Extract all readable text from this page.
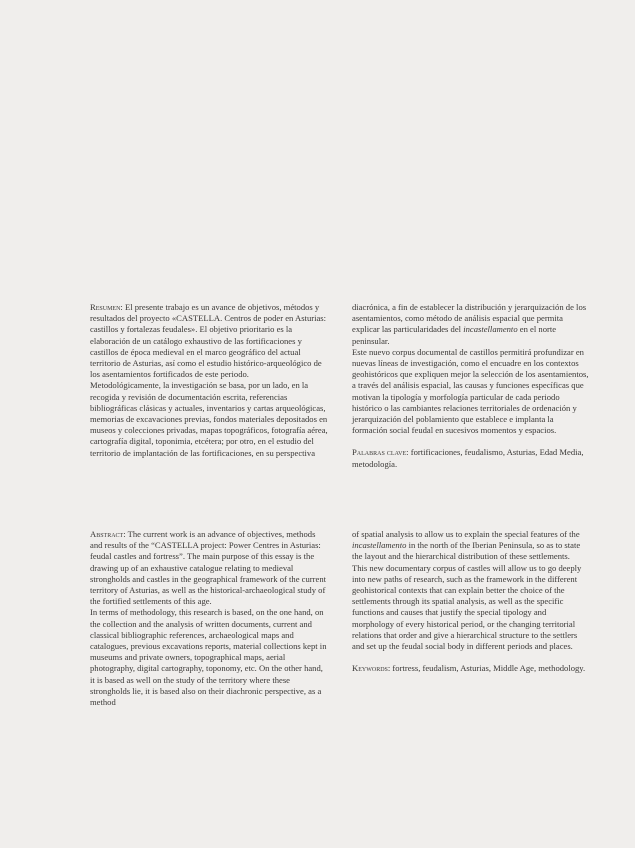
Resumen: El presente trabajo es un avance de objetivos, métodos y resultados del proyecto «CASTELLA. Centros de poder en Asturias: castillos y fortalezas feudales». El objetivo prioritario es la elaboración de un catálogo exhaustivo de las fortificaciones y castillos de época medieval en el marco geográfico del actual territorio de Asturias, así como el estudio histórico-arqueológico de los asentamientos fortificados de este periodo.

Metodológicamente, la investigación se basa, por un lado, en la recogida y revisión de documentación escrita, referencias bibliográficas clásicas y actuales, inventarios y cartas arqueológicas, memorias de excavaciones previas, fondos materiales depositados en museos y colecciones privadas, mapas topográficos, fotografía aérea, cartografía digital, toponimia, etcétera; por otro, en el estudio del territorio de implantación de las fortificaciones, en su perspectiva

diacrónica, a fin de establecer la distribución y jerarquización de los asentamientos, como método de análisis espacial que permita explicar las particularidades del incastellamento en el norte peninsular.

Este nuevo corpus documental de castillos permitirá profundizar en nuevas líneas de investigación, como el encuadre en los contextos geohistóricos que expliquen mejor la selección de los asentamientos, a través del análisis espacial, las causas y funciones específicas que motivan la tipología y morfología particular de cada periodo histórico o las cambiantes relaciones territoriales de ordenación y jerarquización del poblamiento que establece e implanta la formación social feudal en sucesivos momentos y espacios.

Palabras clave: fortificaciones, feudalismo, Asturias, Edad Media, metodología.

Abstract: The current work is an advance of objectives, methods and results of the “CASTELLA project: Power Centres in Asturias: feudal castles and fortress”. The main purpose of this essay is the drawing up of an exhaustive catalogue relating to medieval strongholds and castles in the geographical framework of the current territory of Asturias, as well as the historical-archaeological study of the fortified settlements of this age.

In terms of methodology, this research is based, on the one hand, on the collection and the analysis of written documents, current and classical bibliographic references, archaeological maps and catalogues, previous excavations reports, material collections kept in museums and private owners, topographical maps, aerial photography, digital cartography, toponomy, etc. On the other hand, it is based as well on the study of the territory where these strongholds lie, it is based also on their diachronic perspective, as a method

of spatial analysis to allow us to explain the special features of the incastellamento in the north of the Iberian Peninsula, so as to state the layout and the hierarchical distribution of these settlements.

This new documentary corpus of castles will allow us to go deeply into new paths of research, such as the framework in the different geohistorical contexts that can explain better the choice of the settlements through its spatial analysis, as well as the specific functions and causes that justify the special tipology and morphology of every historical period, or the changing territorial relations that order and give a hierarchical structure to the settlers and set up the feudal social body in different periods and places.

Keywords: fortress, feudalism, Asturias, Middle Age, methodology.
